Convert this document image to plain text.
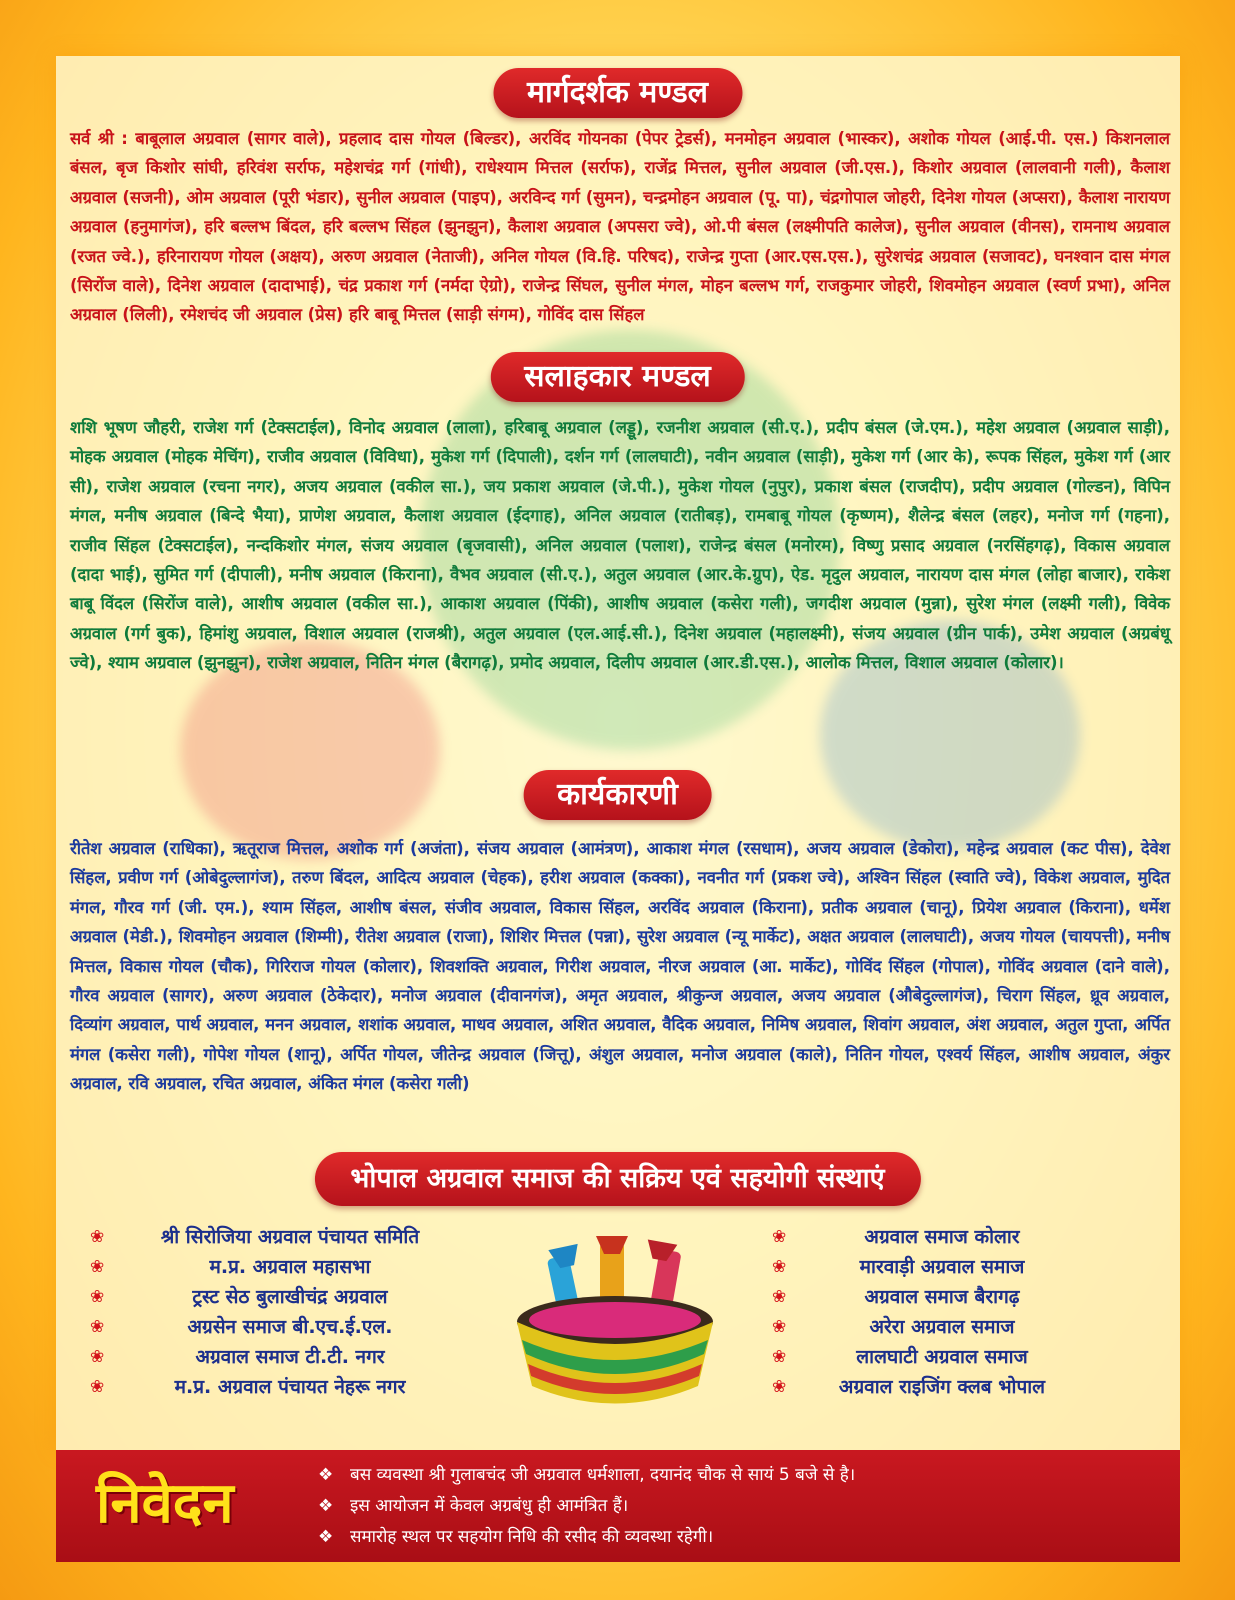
मार्गदर्शक मण्डल

सर्व श्री : बाबूलाल अग्रवाल (सागर वाले), प्रहलाद दास गोयल (बिल्डर), अरविंद गोयनका (पेपर ट्रेडर्स), मनमोहन अग्रवाल (भास्कर), अशोक गोयल (आई.पी. एस.) किशनलाल बंसल, बृज किशोर सांघी, हरिवंश सर्राफ, महेशचंद्र गर्ग (गांधी), राधेश्याम मित्तल (सर्राफ), राजेंद्र मित्तल, सुनील अग्रवाल (जी.एस.), किशोर अग्रवाल (लालवानी गली), कैलाश अग्रवाल (सजनी), ओम अग्रवाल (पूरी भंडार), सुनील अग्रवाल (पाइप), अरविन्द गर्ग (सुमन), चन्द्रमोहन अग्रवाल (पू. पा), चंद्रगोपाल जोहरी, दिनेश गोयल (अप्सरा), कैलाश नारायण अग्रवाल (हनुमागंज), हरि बल्लभ बिंदल, हरि बल्लभ सिंहल (झुनझुन), कैलाश अग्रवाल (अपसरा ज्वे), ओ.पी बंसल (लक्ष्मीपति कालेज), सुनील अग्रवाल (वीनस), रामनाथ अग्रवाल (रजत ज्वे.), हरिनारायण गोयल (अक्षय), अरुण अग्रवाल (नेताजी), अनिल गोयल (वि.हि. परिषद), राजेन्द्र गुप्ता (आर.एस.एस.), सुरेशचंद्र अग्रवाल (सजावट), घनश्वान दास मंगल (सिरोंज वाले), दिनेश अग्रवाल (दादाभाई), चंद्र प्रकाश गर्ग (नर्मदा ऐग्रो), राजेन्द्र सिंघल, सुनील मंगल, मोहन बल्लभ गर्ग, राजकुमार जोहरी, शिवमोहन अग्रवाल (स्वर्ण प्रभा), अनिल अग्रवाल (लिली), रमेशचंद जी अग्रवाल (प्रेस) हरि बाबू मित्तल (साड़ी संगम), गोविंद दास सिंहल

सलाहकार मण्डल

शशि भूषण जौहरी, राजेश गर्ग (टेक्सटाईल), विनोद अग्रवाल (लाला), हरिबाबू अग्रवाल (लड्डू), रजनीश अग्रवाल (सी.ए.), प्रदीप बंसल (जे.एम.), महेश अग्रवाल (अग्रवाल साड़ी), मोहक अग्रवाल (मोहक मेचिंग), राजीव अग्रवाल (विविधा), मुकेश गर्ग (दिपाली), दर्शन गर्ग (लालघाटी), नवीन अग्रवाल (साड़ी), मुकेश गर्ग (आर के), रूपक सिंहल, मुकेश गर्ग (आर सी), राजेश अग्रवाल (रचना नगर), अजय अग्रवाल (वकील सा.), जय प्रकाश अग्रवाल (जे.पी.), मुकेश गोयल (नुपुर), प्रकाश बंसल (राजदीप), प्रदीप अग्रवाल (गोल्डन), विपिन मंगल, मनीष अग्रवाल (बिन्दे भैया), प्राणेश अग्रवाल, कैलाश अग्रवाल (ईदगाह), अनिल अग्रवाल (रातीबड़), रामबाबू गोयल (कृष्णम), शैलेन्द्र बंसल (लहर), मनोज गर्ग (गहना), राजीव सिंहल (टेक्सटाईल), नन्दकिशोर मंगल, संजय अग्रवाल (बृजवासी), अनिल अग्रवाल (पलाश), राजेन्द्र बंसल (मनोरम), विष्णु प्रसाद अग्रवाल (नरसिंहगढ़), विकास अग्रवाल (दादा भाई), सुमित गर्ग (दीपाली), मनीष अग्रवाल (किराना), वैभव अग्रवाल (सी.ए.), अतुल अग्रवाल (आर.के.ग्रुप), ऐड. मृदुल अग्रवाल, नारायण दास मंगल (लोहा बाजार), राकेश बाबू विंदल (सिरोंज वाले), आशीष अग्रवाल (वकील सा.), आकाश अग्रवाल (पिंकी), आशीष अग्रवाल (कसेरा गली), जगदीश अग्रवाल (मुन्ना), सुरेश मंगल (लक्ष्मी गली), विवेक अग्रवाल (गर्ग बुक), हिमांशु अग्रवाल, विशाल अग्रवाल (राजश्री), अतुल अग्रवाल (एल.आई.सी.), दिनेश अग्रवाल (महालक्ष्मी), संजय अग्रवाल (ग्रीन पार्क), उमेश अग्रवाल (अग्रबंधू ज्वे), श्याम अग्रवाल (झुनझुन), राजेश अग्रवाल, नितिन मंगल (बैरागढ़), प्रमोद अग्रवाल, दिलीप अग्रवाल (आर.डी.एस.), आलोक मित्तल, विशाल अग्रवाल (कोलार)।

कार्यकारणी

रीतेश अग्रवाल (राधिका), ऋतूराज मित्तल, अशोक गर्ग (अजंता), संजय अग्रवाल (आमंत्रण), आकाश मंगल (रसधाम), अजय अग्रवाल (डेकोरा), महेन्द्र अग्रवाल (कट पीस), देवेश सिंहल, प्रवीण गर्ग (ओबेदुल्लागंज), तरुण बिंदल, आदित्य अग्रवाल (चेहक), हरीश अग्रवाल (कक्का), नवनीत गर्ग (प्रकश ज्वे), अश्विन सिंहल (स्वाति ज्वे), विकेश अग्रवाल, मुदित मंगल, गौरव गर्ग (जी. एम.), श्याम सिंहल, आशीष बंसल, संजीव अग्रवाल, विकास सिंहल, अरविंद अग्रवाल (किराना), प्रतीक अग्रवाल (चानू), प्रियेश अग्रवाल (किराना), धर्मेश अग्रवाल (मेडी.), शिवमोहन अग्रवाल (शिम्मी), रीतेश अग्रवाल (राजा), शिशिर मित्तल (पन्ना), सुरेश अग्रवाल (न्यू मार्केट), अक्षत अग्रवाल (लालघाटी), अजय गोयल (चायपत्ती), मनीष मित्तल, विकास गोयल (चौक), गिरिराज गोयल (कोलार), शिवशक्ति अग्रवाल, गिरीश अग्रवाल, नीरज अग्रवाल (आ. मार्केट), गोविंद सिंहल (गोपाल), गोविंद अग्रवाल (दाने वाले), गौरव अग्रवाल (सागर), अरुण अग्रवाल (ठेकेदार), मनोज अग्रवाल (दीवानगंज), अमृत अग्रवाल, श्रीकुन्ज अग्रवाल, अजय अग्रवाल (औबेदुल्लागंज), चिराग सिंहल, ध्रूव अग्रवाल, दिव्यांग अग्रवाल, पार्थ अग्रवाल, मनन अग्रवाल, शशांक अग्रवाल, माधव अग्रवाल, अशित अग्रवाल, वैदिक अग्रवाल, निमिष अग्रवाल, शिवांग अग्रवाल, अंश अग्रवाल, अतुल गुप्ता, अर्पित मंगल (कसेरा गली), गोपेश गोयल (शानू), अर्पित गोयल, जीतेन्द्र अग्रवाल (जित्तू), अंशुल अग्रवाल, मनोज अग्रवाल (काले), नितिन गोयल, एश्वर्य सिंहल, आशीष अग्रवाल, अंकुर अग्रवाल, रवि अग्रवाल, रचित अग्रवाल, अंकित मंगल (कसेरा गली)

भोपाल अग्रवाल समाज की सक्रिय एवं सहयोगी संस्थाएं
❀	श्री सिरोजिया अग्रवाल पंचायत समिति
❀	म.प्र. अग्रवाल महासभा
❀	ट्रस्ट सेठ बुलाखीचंद्र अग्रवाल
❀	अग्रसेन समाज बी.एच.ई.एल.
❀	अग्रवाल समाज टी.टी. नगर
❀	म.प्र. अग्रवाल पंचायत नेहरू नगर
❀	अग्रवाल समाज कोलार
❀	मारवाड़ी अग्रवाल समाज
❀	अग्रवाल समाज बैरागढ़
❀	अरेरा अग्रवाल समाज
❀	लालघाटी अग्रवाल समाज
❀	अग्रवाल राइजिंग क्लब भोपाल
निवेदन	❖ बस व्यवस्था श्री गुलाबचंद जी अग्रवाल धर्मशाला, दयानंद चौक से सायं 5 बजे से है।
❖ इस आयोजन में केवल अग्रबंधु ही आमंत्रित हैं।
❖ समारोह स्थल पर सहयोग निधि की रसीद की व्यवस्था रहेगी।
